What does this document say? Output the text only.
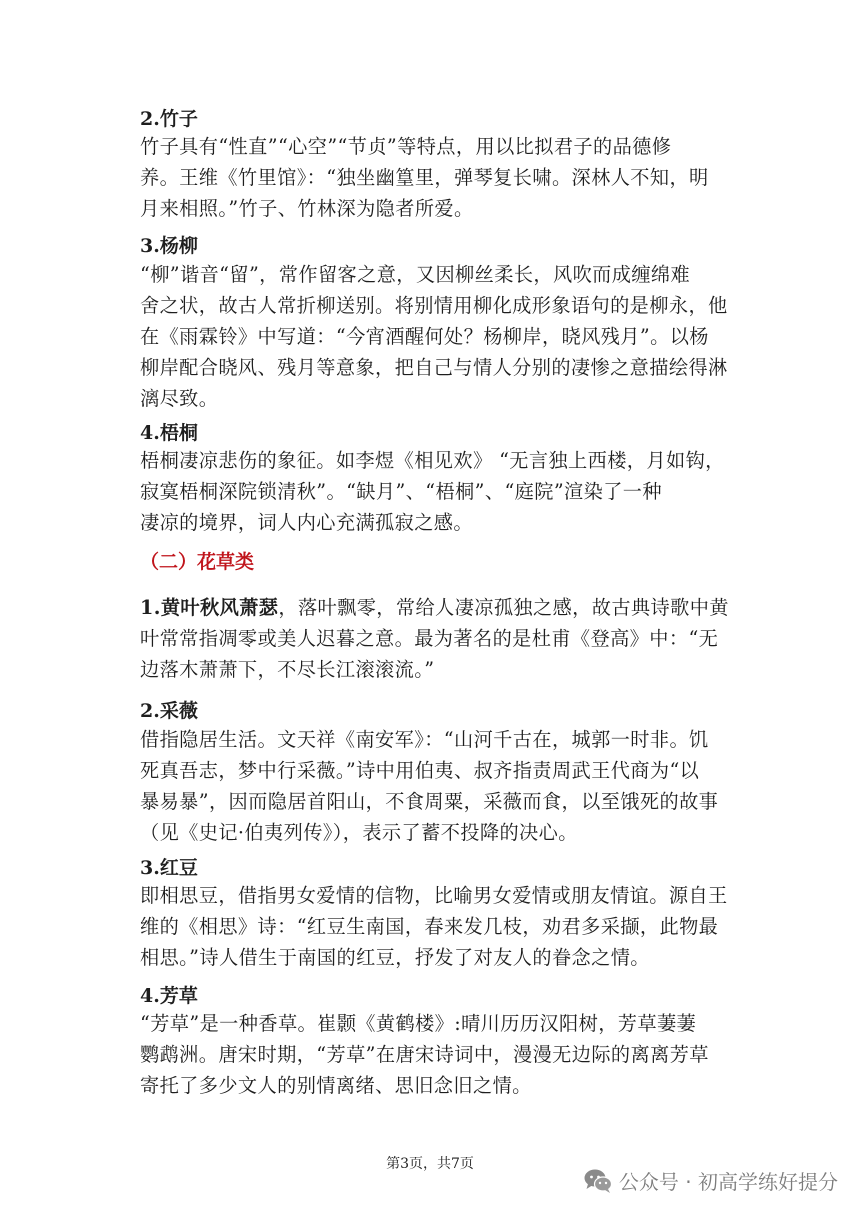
2.竹子
竹子具有“性直”“心空”“节贞”等特点，用以比拟君子的品德修
养。王维《竹里馆》：“独坐幽篁里，弹琴复长啸。深林人不知，明
月来相照。”竹子、竹林深为隐者所爱。
3.杨柳
“柳”谐音“留”，常作留客之意，又因柳丝柔长，风吹而成缠绵难
舍之状，故古人常折柳送别。将别情用柳化成形象语句的是柳永，他
在《雨霖铃》中写道：“今宵酒醒何处？杨柳岸，晓风残月”。以杨
柳岸配合晓风、残月等意象，把自己与情人分别的凄惨之意描绘得淋
漓尽致。
4.梧桐
梧桐凄凉悲伤的象征。如李煜《相见欢》 “无言独上西楼，月如钩，
寂寞梧桐深院锁清秋”。“缺月”、“梧桐”、“庭院”渲染了一种
凄凉的境界，词人内心充满孤寂之感。
（二）花草类
1.黄叶秋风萧瑟，落叶飘零，常给人凄凉孤独之感，故古典诗歌中黄
叶常常指凋零或美人迟暮之意。最为著名的是杜甫《登高》中：“无
边落木萧萧下，不尽长江滚滚流。”
2.采薇
借指隐居生活。文天祥《南安军》：“山河千古在，城郭一时非。饥
死真吾志，梦中行采薇。”诗中用伯夷、叔齐指责周武王代商为“以
暴易暴”，因而隐居首阳山，不食周粟，采薇而食，以至饿死的故事
（见《史记·伯夷列传》），表示了蓄不投降的决心。
3.红豆
即相思豆，借指男女爱情的信物，比喻男女爱情或朋友情谊。源自王
维的《相思》诗：“红豆生南国，春来发几枝，劝君多采撷，此物最
相思。”诗人借生于南国的红豆，抒发了对友人的眷念之情。
4.芳草
“芳草”是一种香草。崔颢《黄鹤楼》:晴川历历汉阳树，芳草萋萋
鹦鹉洲。唐宋时期，“芳草”在唐宋诗词中，漫漫无边际的离离芳草
寄托了多少文人的别情离绪、思旧念旧之情。
第3页，共7页
公众号 · 初高学练好提分
